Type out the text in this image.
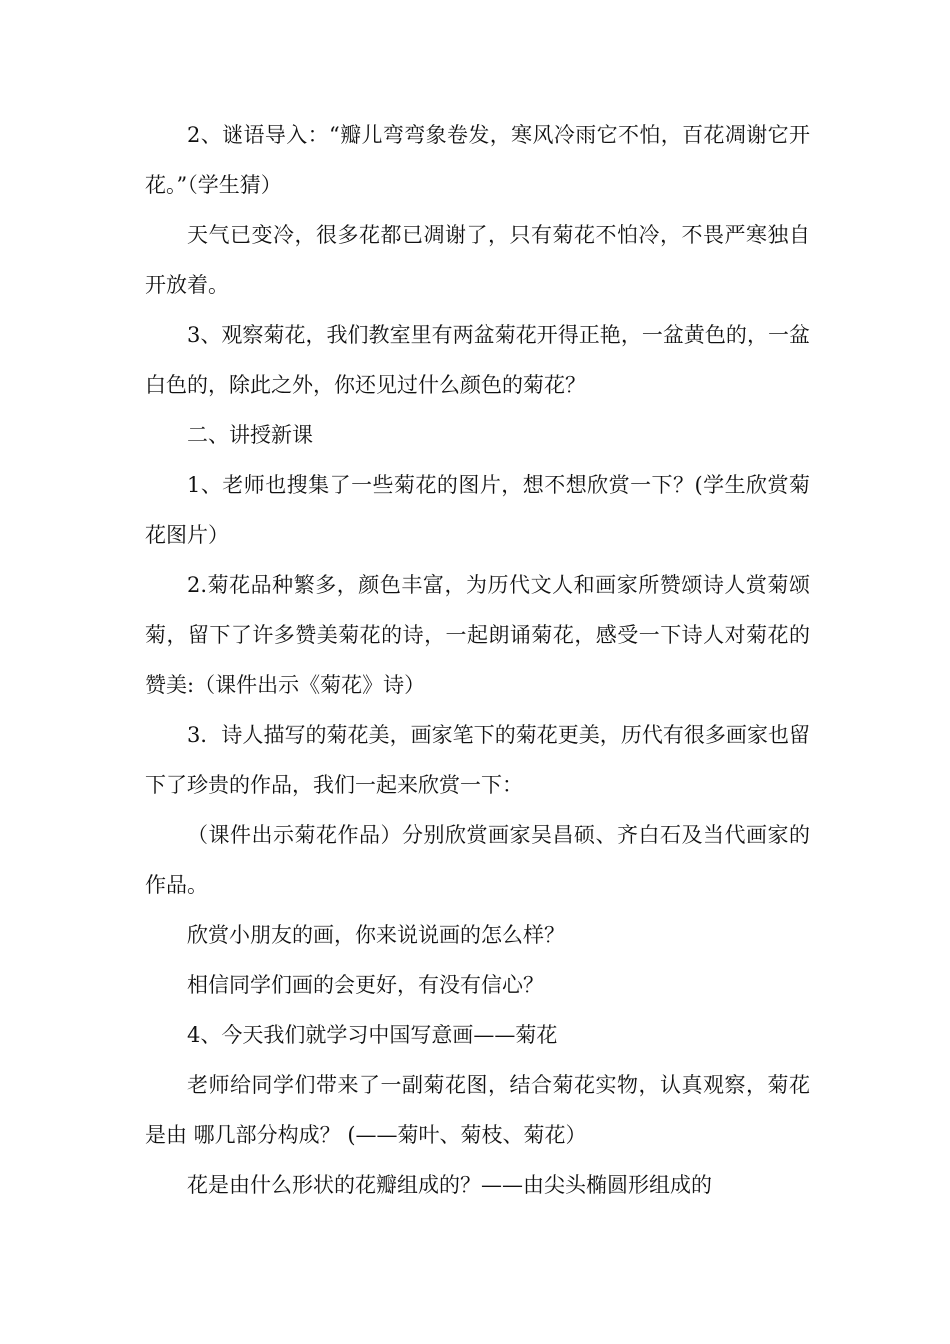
2、谜语导入：“瓣儿弯弯象卷发，寒风冷雨它不怕，百花凋谢它开花。”（学生猜）

天气已变冷，很多花都已凋谢了，只有菊花不怕冷，不畏严寒独自开放着。

3、观察菊花，我们教室里有两盆菊花开得正艳，一盆黄色的，一盆白色的，除此之外，你还见过什么颜色的菊花？

二、讲授新课

1、老师也搜集了一些菊花的图片，想不想欣赏一下？(学生欣赏菊花图片）

2.菊花品种繁多，颜色丰富，为历代文人和画家所赞颂诗人赏菊颂菊，留下了许多赞美菊花的诗，一起朗诵菊花，感受一下诗人对菊花的赞美:（课件出示《菊花》诗）

3．诗人描写的菊花美，画家笔下的菊花更美，历代有很多画家也留下了珍贵的作品，我们一起来欣赏一下：

（课件出示菊花作品）分别欣赏画家吴昌硕、齐白石及当代画家的作品。

欣赏小朋友的画，你来说说画的怎么样？

相信同学们画的会更好，有没有信心？

4、今天我们就学习中国写意画——菊花

老师给同学们带来了一副菊花图，结合菊花实物，认真观察，菊花是由 哪几部分构成？ (——菊叶、菊枝、菊花）

花是由什么形状的花瓣组成的？——由尖头椭圆形组成的
